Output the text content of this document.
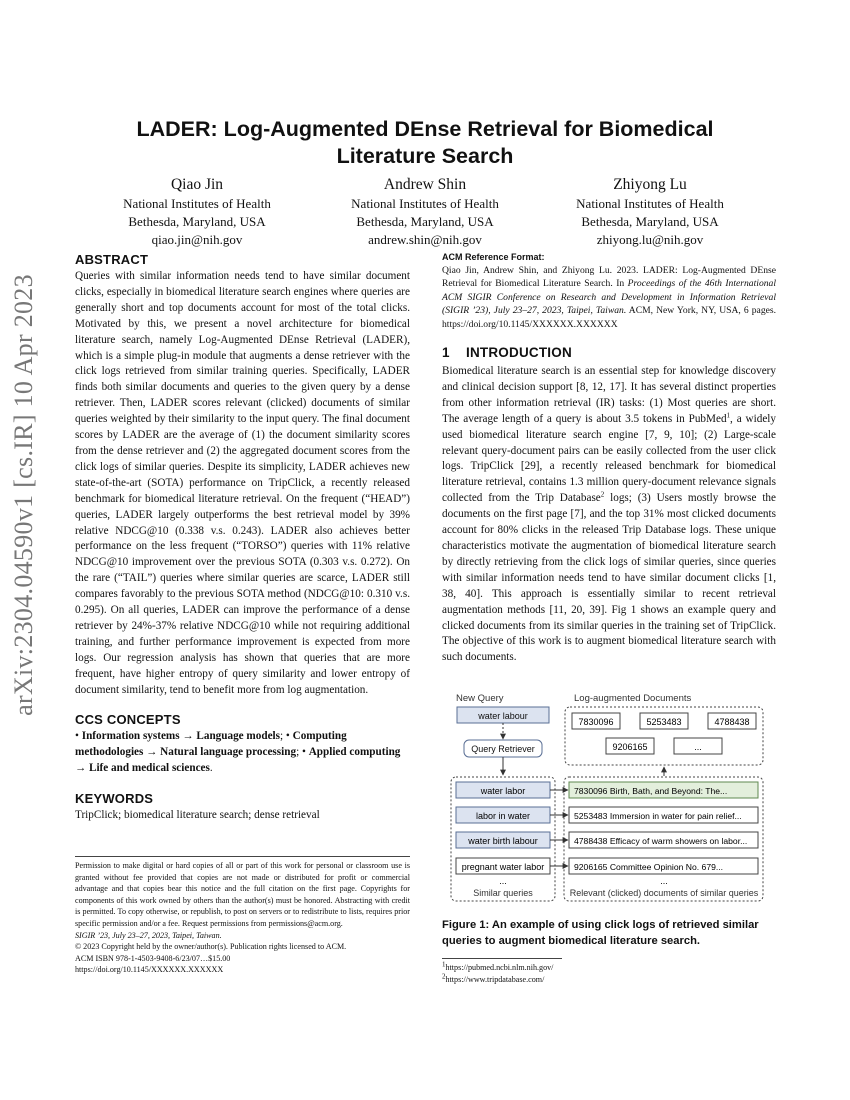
arXiv:2304.04590v1 [cs.IR] 10 Apr 2023
LADER: Log-Augmented DEnse Retrieval for Biomedical Literature Search
Qiao Jin
National Institutes of Health
Bethesda, Maryland, USA
qiao.jin@nih.gov
Andrew Shin
National Institutes of Health
Bethesda, Maryland, USA
andrew.shin@nih.gov
Zhiyong Lu
National Institutes of Health
Bethesda, Maryland, USA
zhiyong.lu@nih.gov
ABSTRACT

Queries with similar information needs tend to have similar document clicks, especially in biomedical literature search engines where queries are generally short and top documents account for most of the total clicks. Motivated by this, we present a novel architecture for biomedical literature search, namely Log-Augmented DEnse Retrieval (LADER), which is a simple plug-in module that augments a dense retriever with the click logs retrieved from similar training queries. Specifically, LADER finds both similar documents and queries to the given query by a dense retriever. Then, LADER scores relevant (clicked) documents of similar queries weighted by their similarity to the input query. The final document scores by LADER are the average of (1) the document similarity scores from the dense retriever and (2) the aggregated document scores from the click logs of similar queries. Despite its simplicity, LADER achieves new state-of-the-art (SOTA) performance on TripClick, a recently released benchmark for biomedical literature retrieval. On the frequent (“HEAD”) queries, LADER largely outperforms the best retrieval model by 39% relative NDCG@10 (0.338 v.s. 0.243). LADER also achieves better performance on the less frequent (“TORSO”) queries with 11% relative NDCG@10 improvement over the previous SOTA (0.303 v.s. 0.272). On the rare (“TAIL”) queries where similar queries are scarce, LADER still compares favorably to the previous SOTA method (NDCG@10: 0.310 v.s. 0.295). On all queries, LADER can improve the performance of a dense retriever by 24%-37% relative NDCG@10 while not requiring additional training, and further performance improvement is expected from more logs. Our regression analysis has shown that queries that are more frequent, have higher entropy of query similarity and lower entropy of document similarity, tend to benefit more from log augmentation.

CCS CONCEPTS

• Information systems → Language models; • Computing methodologies → Natural language processing; • Applied computing → Life and medical sciences.

KEYWORDS

TripClick; biomedical literature search; dense retrieval

Permission to make digital or hard copies of all or part of this work for personal or classroom use is granted without fee provided that copies are not made or distributed for profit or commercial advantage and that copies bear this notice and the full citation on the first page. Copyrights for components of this work owned by others than the author(s) must be honored. Abstracting with credit is permitted. To copy otherwise, or republish, to post on servers or to redistribute to lists, requires prior specific permission and/or a fee. Request permissions from permissions@acm.org.
SIGIR ’23, July 23–27, 2023, Taipei, Taiwan.
© 2023 Copyright held by the owner/author(s). Publication rights licensed to ACM.
ACM ISBN 978-1-4503-9408-6/23/07…$15.00
https://doi.org/10.1145/XXXXXX.XXXXXX
ACM Reference Format:

Qiao Jin, Andrew Shin, and Zhiyong Lu. 2023. LADER: Log-Augmented DEnse Retrieval for Biomedical Literature Search. In Proceedings of the 46th International ACM SIGIR Conference on Research and Development in Information Retrieval (SIGIR ’23), July 23–27, 2023, Taipei, Taiwan. ACM, New York, NY, USA, 6 pages. https://doi.org/10.1145/XXXXXX.XXXXXX

1 INTRODUCTION

Biomedical literature search is an essential step for knowledge discovery and clinical decision support [8, 12, 17]. It has several distinct properties from other information retrieval (IR) tasks: (1) Most queries are short. The average length of a query is about 3.5 tokens in PubMed$^1$, a widely used biomedical literature search engine [7, 9, 10]; (2) Large-scale relevant query-document pairs can be easily collected from the user click logs. TripClick [29], a recently released benchmark for biomedical literature retrieval, contains 1.3 million query-document relevance signals collected from the Trip Database$^2$ logs; (3) Users mostly browse the documents on the first page [7], and the top 31% most clicked documents account for 80% clicks in the released Trip Database logs. These unique characteristics motivate the augmentation of biomedical literature search by directly retrieving from the click logs of similar queries, since queries with similar information needs tend to have similar document clicks [1, 38, 40]. This approach is essentially similar to recent retrieval augmentation methods [11, 20, 39]. Fig 1 shows an example query and clicked documents from its similar queries in the training set of TripClick. The objective of this work is to augment biomedical literature search with such documents.

New Query	Log-augmented Documents
water labour
Query Retriever
7830096	5253483	4788438
9206165	...
water labor	7830096 Birth, Bath, and Beyond: The...
labor in water	5253483 Immersion in water for pain relief...
water birth labour	4788438 Efficacy of warm showers on labor...
pregnant water labor	9206165 Committee Opinion No. 679...
...	...
Similar queries	Relevant (clicked) documents of similar queries
Figure 1: An example of using click logs of retrieved similar queries to augment biomedical literature search.
$^1$https://pubmed.ncbi.nlm.nih.gov/
$^2$https://www.tripdatabase.com/
